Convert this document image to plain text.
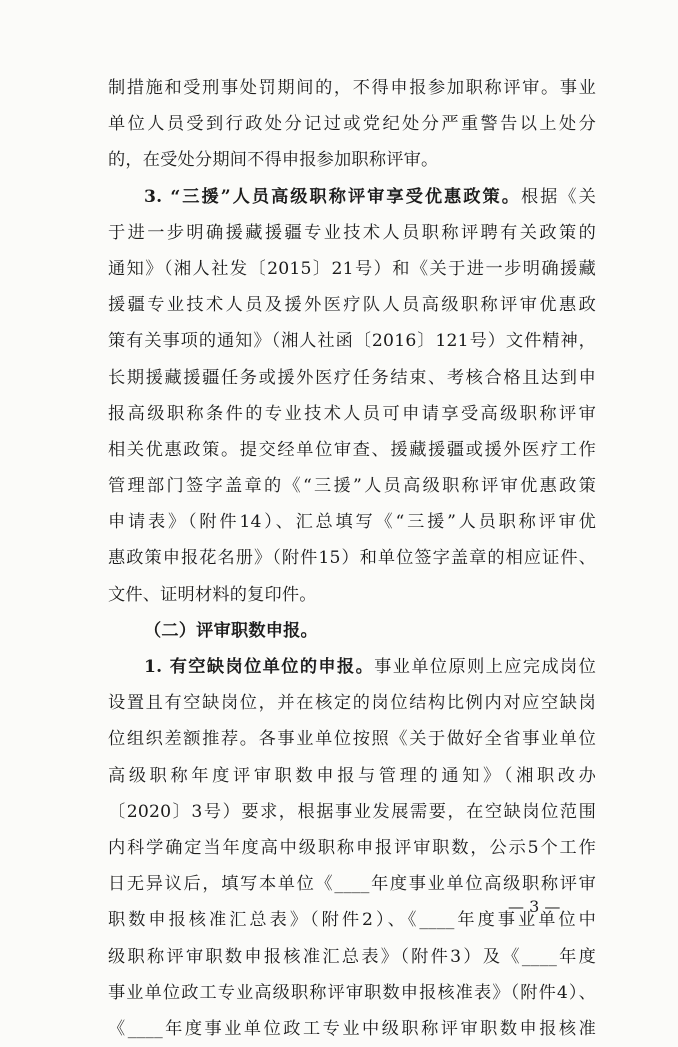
制措施和受刑事处罚期间的，不得申报参加职称评审。事业
单位人员受到行政处分记过或党纪处分严重警告以上处分
的，在受处分期间不得申报参加职称评审。
3. “三援”人员高级职称评审享受优惠政策。根据《关
于进一步明确援藏援疆专业技术人员职称评聘有关政策的
通知》（湘人社发〔2015〕21号）和《关于进一步明确援藏
援疆专业技术人员及援外医疗队人员高级职称评审优惠政
策有关事项的通知》（湘人社函〔2016〕121号）文件精神，
长期援藏援疆任务或援外医疗任务结束、考核合格且达到申
报高级职称条件的专业技术人员可申请享受高级职称评审
相关优惠政策。提交经单位审查、援藏援疆或援外医疗工作
管理部门签字盖章的《“三援”人员高级职称评审优惠政策
申请表》（附件14）、汇总填写《“三援”人员职称评审优
惠政策申报花名册》（附件15）和单位签字盖章的相应证件、
文件、证明材料的复印件。
（二）评审职数申报。
1. 有空缺岗位单位的申报。事业单位原则上应完成岗位
设置且有空缺岗位，并在核定的岗位结构比例内对应空缺岗
位组织差额推荐。各事业单位按照《关于做好全省事业单位
高级职称年度评审职数申报与管理的通知》（湘职改办
〔2020〕3号）要求，根据事业发展需要，在空缺岗位范围
内科学确定当年度高中级职称申报评审职数，公示5个工作
日无异议后，填写本单位《____年度事业单位高级职称评审
职数申报核准汇总表》（附件2）、《____年度事业单位中
级职称评审职数申报核准汇总表》（附件3）及《____年度
事业单位政工专业高级职称评审职数申报核准表》（附件4）、
《____年度事业单位政工专业中级职称评审职数申报核准
— 3 —
